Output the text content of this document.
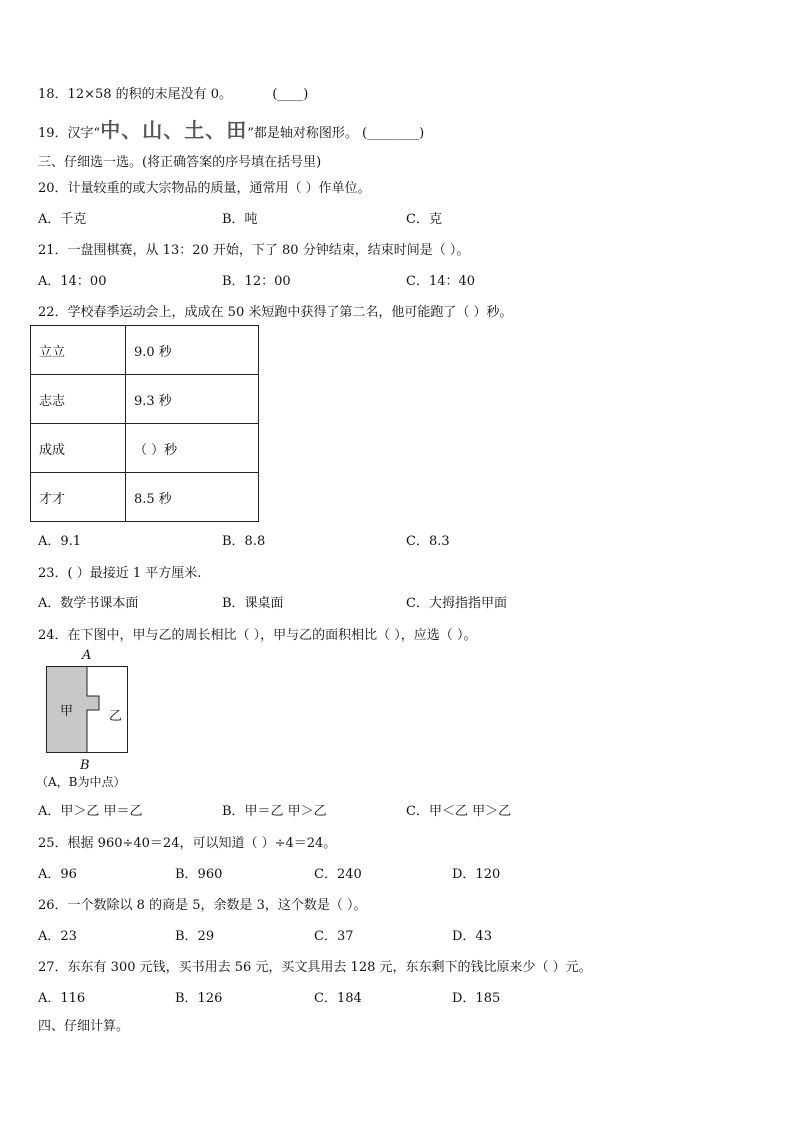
18．12×58 的积的末尾没有 0。	(____)
19．汉字“中、山、土、田”都是轴对称图形。 (________)
三、仔细选一选。(将正确答案的序号填在括号里)
20．计量较重的或大宗物品的质量，通常用（ ）作单位。
A．千克	B．吨	C．克
21．一盘围棋赛，从 13：20 开始，下了 80 分钟结束，结束时间是（ ）。
A．14：00	B．12：00	C．14：40
22．学校春季运动会上，成成在 50 米短跑中获得了第二名，他可能跑了（ ）秒。
立立	9.0 秒
志志	9.3 秒
成成	（ ）秒
才才	8.5 秒
A．9.1	B．8.8	C．8.3
23．( ）最接近 1 平方厘米.
A．数学书课本面	B．课桌面	C．大拇指指甲面
24．在下图中，甲与乙的周长相比（ ），甲与乙的面积相比（ ），应选（ ）。
A
甲	乙
B
（A，B为中点）
A．甲＞乙 甲＝乙	B．甲＝乙 甲＞乙	C．甲＜乙 甲＞乙
25．根据 960÷40＝24，可以知道（ ）÷4＝24。
A．96	B．960	C．240	D．120
26．一个数除以 8 的商是 5，余数是 3，这个数是（ ）。
A．23	B．29	C．37	D．43
27．东东有 300 元钱，买书用去 56 元，买文具用去 128 元，东东剩下的钱比原来少（ ）元。
A．116	B．126	C．184	D．185
四、仔细计算。
